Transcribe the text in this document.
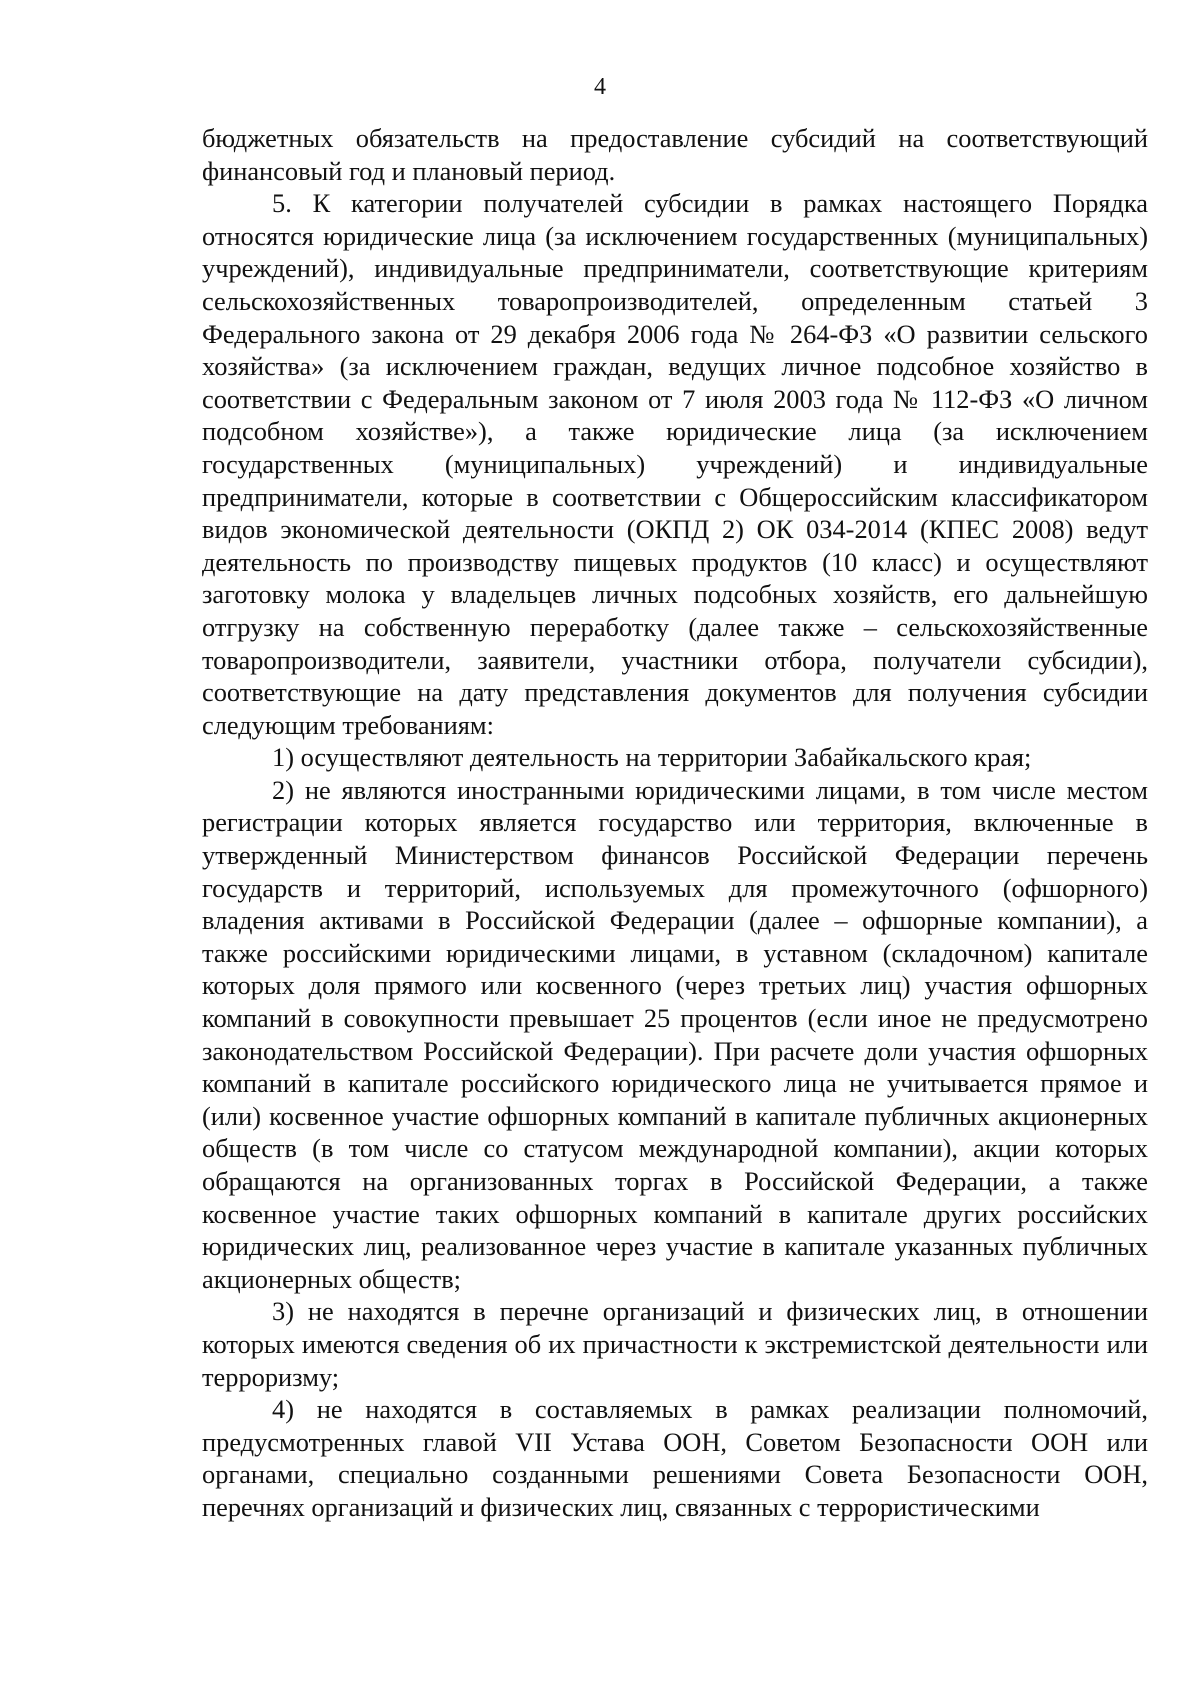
4

бюджетных обязательств на предоставление субсидий на соответствующий финансовый год и плановый период.

5. К категории получателей субсидии в рамках настоящего Порядка относятся юридические лица (за исключением государственных (муниципальных) учреждений), индивидуальные предприниматели, соответствующие критериям сельскохозяйственных товаропроизводителей, определенным статьей 3 Федерального закона от 29 декабря 2006 года № 264-ФЗ «О развитии сельского хозяйства» (за исключением граждан, ведущих личное подсобное хозяйство в соответствии с Федеральным законом от 7 июля 2003 года № 112-ФЗ «О личном подсобном хозяйстве»), а также юридические лица (за исключением государственных (муниципальных) учреждений) и индивидуальные предприниматели, которые в соответствии с Общероссийским классификатором видов экономической деятельности (ОКПД 2) ОК 034-2014 (КПЕС 2008) ведут деятельность по производству пищевых продуктов (10 класс) и осуществляют заготовку молока у владельцев личных подсобных хозяйств, его дальнейшую отгрузку на собственную переработку (далее также – сельскохозяйственные товаропроизводители, заявители, участники отбора, получатели субсидии), соответствующие на дату представления документов для получения субсидии следующим требованиям:

1) осуществляют деятельность на территории Забайкальского края;

2) не являются иностранными юридическими лицами, в том числе местом регистрации которых является государство или территория, включенные в утвержденный Министерством финансов Российской Федерации перечень государств и территорий, используемых для промежуточного (офшорного) владения активами в Российской Федерации (далее – офшорные компании), а также российскими юридическими лицами, в уставном (складочном) капитале которых доля прямого или косвенного (через третьих лиц) участия офшорных компаний в совокупности превышает 25 процентов (если иное не предусмотрено законодательством Российской Федерации). При расчете доли участия офшорных компаний в капитале российского юридического лица не учитывается прямое и (или) косвенное участие офшорных компаний в капитале публичных акционерных обществ (в том числе со статусом международной компании), акции которых обращаются на организованных торгах в Российской Федерации, а также косвенное участие таких офшорных компаний в капитале других российских юридических лиц, реализованное через участие в капитале указанных публичных акционерных обществ;

3) не находятся в перечне организаций и физических лиц, в отношении которых имеются сведения об их причастности к экстремистской деятельности или терроризму;

4) не находятся в составляемых в рамках реализации полномочий, предусмотренных главой VII Устава ООН, Советом Безопасности ООН или органами, специально созданными решениями Совета Безопасности ООН, перечнях организаций и физических лиц, связанных с террористическими
